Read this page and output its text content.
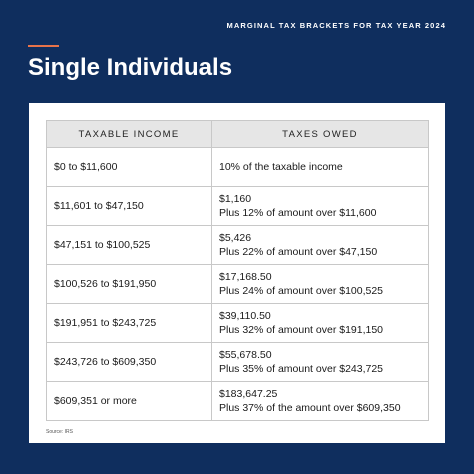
MARGINAL TAX BRACKETS FOR TAX YEAR 2024
Single Individuals
TAXABLE INCOME	TAXES OWED
$0 to $11,600	10% of the taxable income

$11,601 to $47,150	$1,160
Plus 12% of amount over $11,600

$47,151 to $100,525	$5,426
Plus 22% of amount over $47,150

$100,526 to $191,950	$17,168.50
Plus 24% of amount over $100,525

$191,951 to $243,725	$39,110.50
Plus 32% of amount over $191,150

$243,726 to $609,350	$55,678.50
Plus 35% of amount over $243,725

$609,351 or more	$183,647.25
Plus 37% of the amount over $609,350
Source: IRS
